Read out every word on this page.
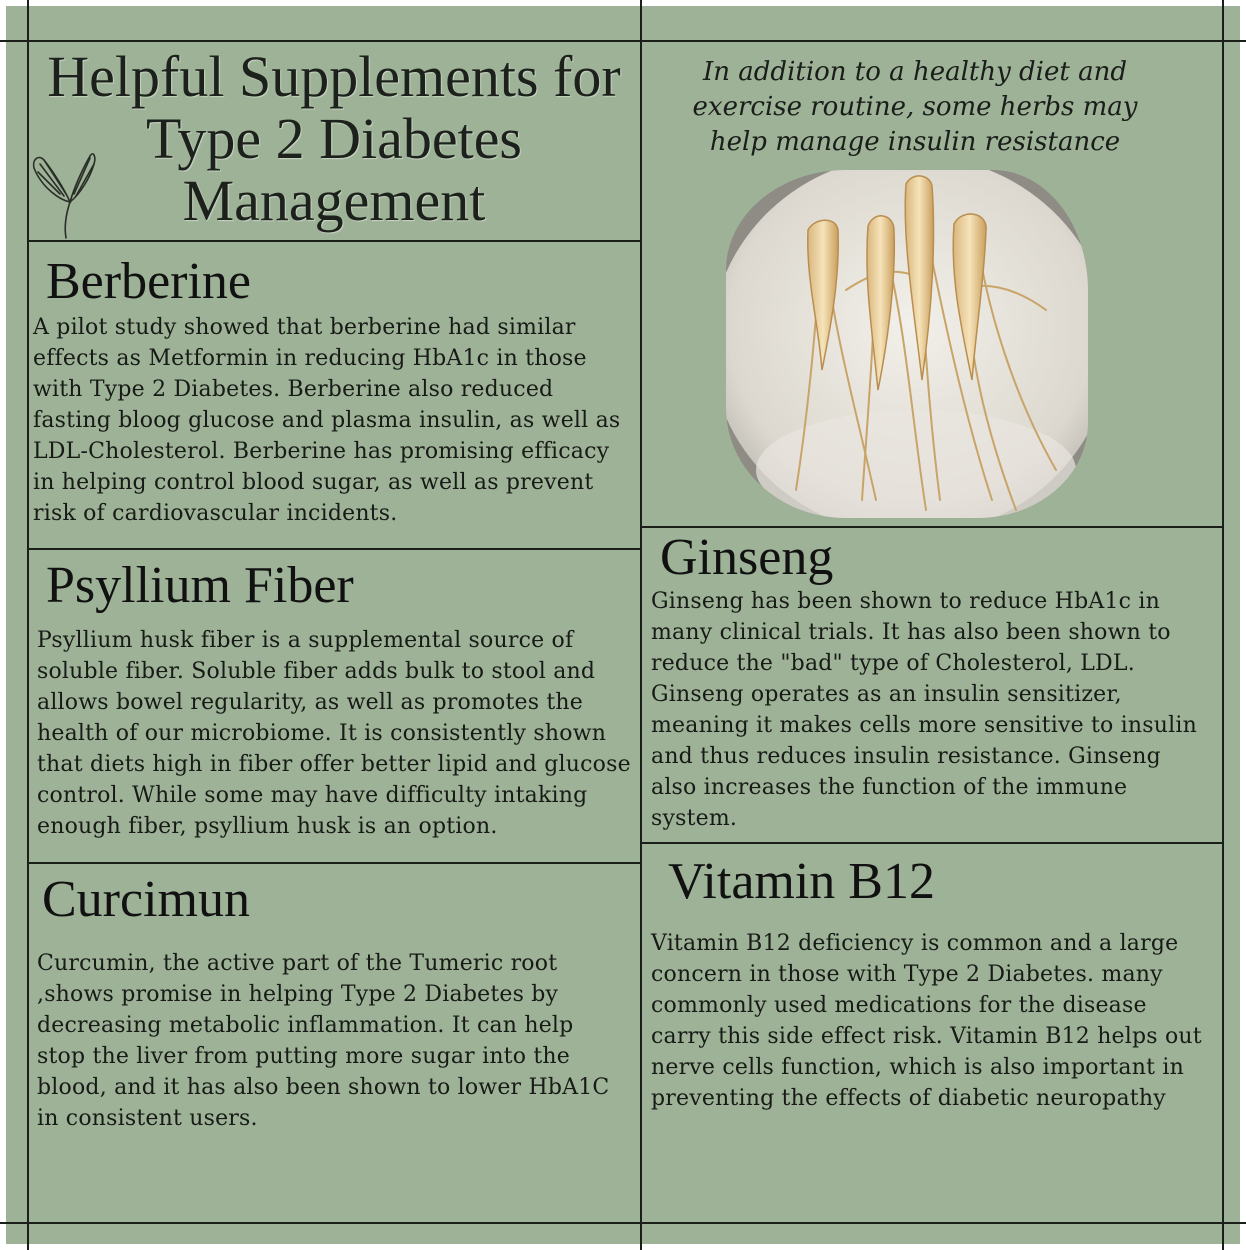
Helpful Supplements for Type 2 Diabetes Management
In addition to a healthy diet and exercise routine, some herbs may help manage insulin resistance
Berberine
A pilot study showed that berberine had similar effects as Metformin in reducing HbA1c in those with Type 2 Diabetes. Berberine also reduced fasting bloog glucose and plasma insulin, as well as LDL-Cholesterol. Berberine has promising efficacy in helping control blood sugar, as well as prevent risk of cardiovascular incidents.
Psyllium Fiber
Psyllium husk fiber is a supplemental source of soluble fiber. Soluble fiber adds bulk to stool and allows bowel regularity, as well as promotes the health of our microbiome. It is consistently shown that diets high in fiber offer better lipid and glucose control. While some may have difficulty intaking enough fiber, psyllium husk is an option.
Curcimun
Curcumin, the active part of the Tumeric root ,shows promise in helping Type 2 Diabetes by decreasing metabolic inflammation. It can help stop the liver from putting more sugar into the blood, and it has also been shown to lower HbA1C in consistent users.
Ginseng
Ginseng has been shown to reduce HbA1c in many clinical trials. It has also been shown to reduce the "bad" type of Cholesterol, LDL. Ginseng operates as an insulin sensitizer, meaning it makes cells more sensitive to insulin and thus reduces insulin resistance. Ginseng also increases the function of the immune system.
Vitamin B12
Vitamin B12 deficiency is common and a large concern in those with Type 2 Diabetes. many commonly used medications for the disease carry this side effect risk. Vitamin B12 helps out nerve cells function, which is also important in preventing the effects of diabetic neuropathy
